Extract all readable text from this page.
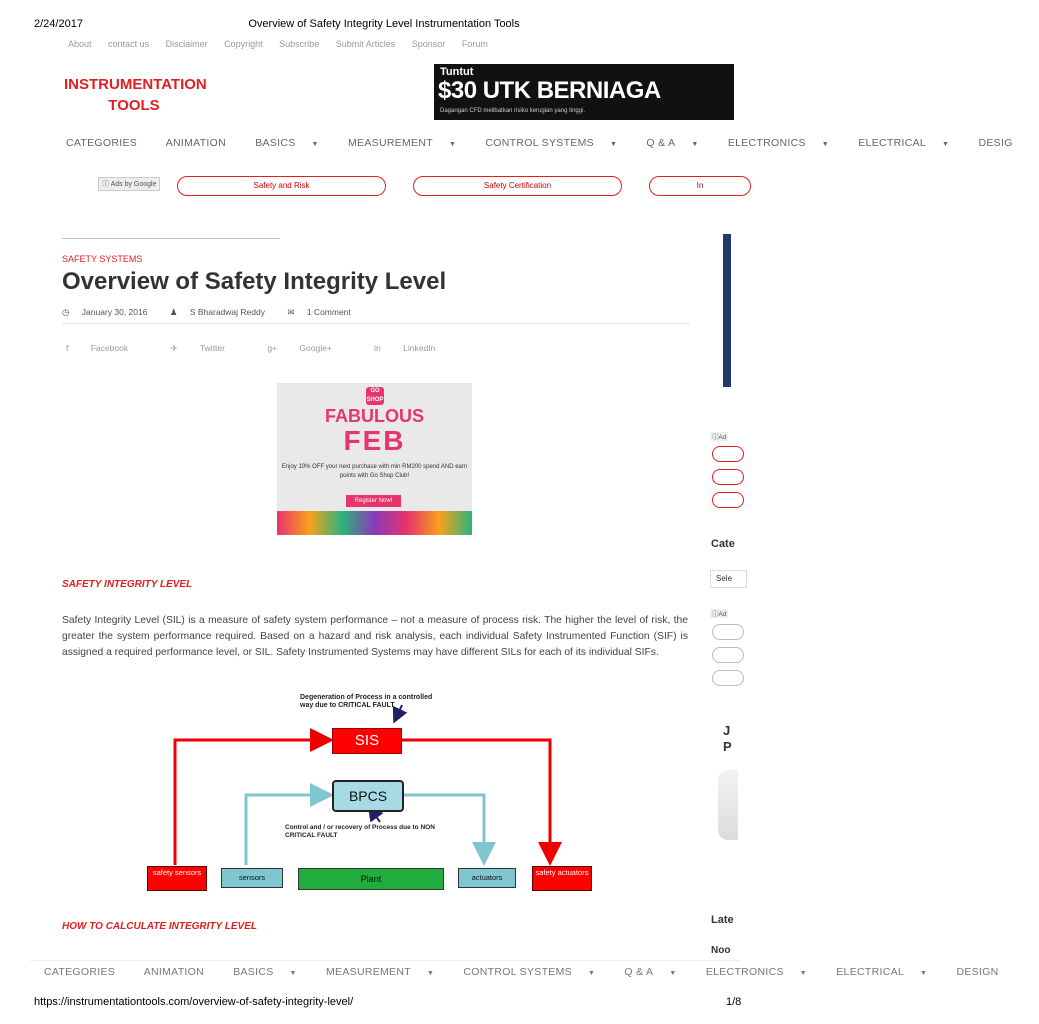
2/24/2017	Overview of Safety Integrity Level Instrumentation Tools
About contact us Disclaimer Copyright Subscribe Submit Articles Sponsor Forum
INSTRUMENTATION
TOOLS
Tuntut
$30 UTK BERNIAGA
Dagangan CFD melibatkan risiko kerugian yang tinggi.
CATEGORIES	ANIMATION	BASICS ▼	MEASUREMENT ▼	CONTROL SYSTEMS ▼	Q & A ▼	ELECTRONICS ▼	ELECTRICAL ▼	DESIG
ⓘ Ads by Google	Safety and Risk	Safety Certification	In
SAFETY SYSTEMS
Overview of Safety Integrity Level
◷ January 30, 2016	♟ S Bharadwaj Reddy	✉ 1 Comment
f Facebook	✈ Twitter	g+ Google+	in LinkedIn
GO SHOP
FABULOUS
FEB
Enjoy 10% OFF your next purchase with min RM200 spend AND earn points with Go Shop Club!
Register Now!
SAFETY INTEGRITY LEVEL
Safety Integrity Level (SIL) is a measure of safety system performance – not a measure of process risk. The higher the level of risk, the greater the system performance required. Based on a hazard and risk analysis, each individual Safety Instrumented Function (SIF) is assigned a required performance level, or SIL. Safety Instrumented Systems may have different SILs for each of its individual SIFs.
Degeneration of Process in a controlled way due to CRITICAL FAULT
SIS
BPCS
Control and / or recovery of Process due to NON CRITICAL FAULT
safety sensors
sensors	Plant	actuators
safety actuators
HOW TO CALCULATE INTEGRITY LEVEL
ⓘAd
Cate
Sele
ⓘAd
J
P
Late
Noo
CATEGORIES	ANIMATION	BASICS ▼	MEASUREMENT ▼	CONTROL SYSTEMS ▼	Q & A ▼	ELECTRONICS ▼	ELECTRICAL ▼	DESIGN
https://instrumentationtools.com/overview-of-safety-integrity-level/	1/8
